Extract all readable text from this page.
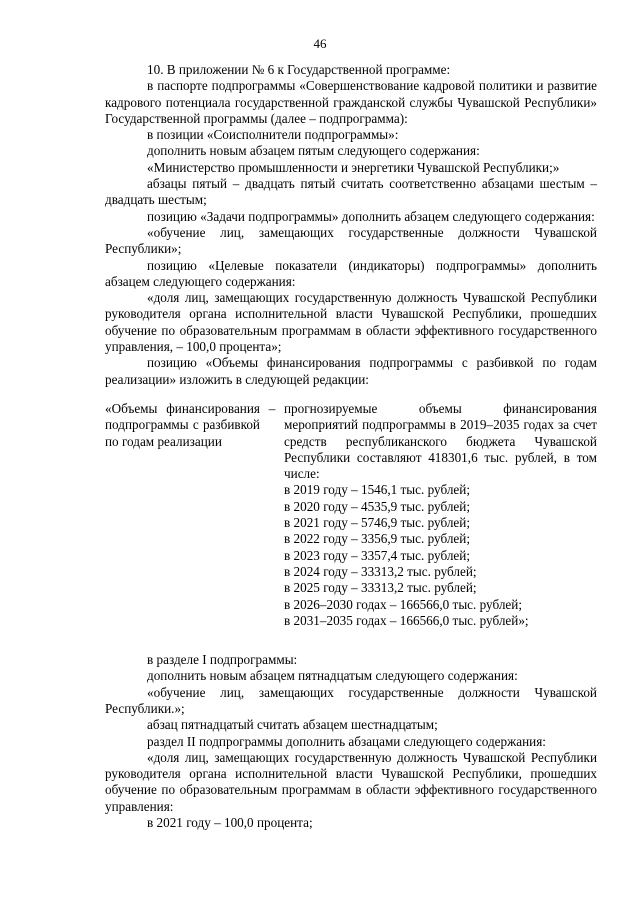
46

10. В приложении № 6 к Государственной программе:

в паспорте подпрограммы «Совершенствование кадровой политики и развитие кадрового потенциала государственной гражданской службы Чувашской Республики» Государственной программы (далее – подпрограмма):

в позиции «Соисполнители подпрограммы»:

дополнить новым абзацем пятым следующего содержания:

«Министерство промышленности и энергетики Чувашской Республики;»

абзацы пятый – двадцать пятый считать соответственно абзацами шестым – двадцать шестым;

позицию «Задачи подпрограммы» дополнить абзацем следующего содержания:

«обучение лиц, замещающих государственные должности Чувашской Республики»;

позицию «Целевые показатели (индикаторы) подпрограммы» дополнить абзацем следующего содержания:

«доля лиц, замещающих государственную должность Чувашской Республики руководителя органа исполнительной власти Чувашской Республики, прошедших обучение по образовательным программам в области эффективного государственного управления, – 100,0 процента»;

позицию «Объемы финансирования подпрограммы с разбивкой по годам реализации» изложить в следующей редакции:

«Объемы финансирования подпрограммы с разбивкой по годам реализации
– прогнозируемые объемы финансирования мероприятий подпрограммы в 2019–2035 годах за счет средств республиканского бюджета Чувашской Республики составляют 418301,6 тыс. рублей, в том числе:

в 2019 году – 1546,1 тыс. рублей;

в 2020 году – 4535,9 тыс. рублей;

в 2021 году – 5746,9 тыс. рублей;

в 2022 году – 3356,9 тыс. рублей;

в 2023 году – 3357,4 тыс. рублей;

в 2024 году – 33313,2 тыс. рублей;

в 2025 году – 33313,2 тыс. рублей;

в 2026–2030 годах – 166566,0 тыс. рублей;

в 2031–2035 годах – 166566,0 тыс. рублей»;

в разделе I подпрограммы:

дополнить новым абзацем пятнадцатым следующего содержания:

«обучение лиц, замещающих государственные должности Чувашской Республики.»;

абзац пятнадцатый считать абзацем шестнадцатым;

раздел II подпрограммы дополнить абзацами следующего содержания:

«доля лиц, замещающих государственную должность Чувашской Республики руководителя органа исполнительной власти Чувашской Республики, прошедших обучение по образовательным программам в области эффективного государственного управления:

в 2021 году – 100,0 процента;
